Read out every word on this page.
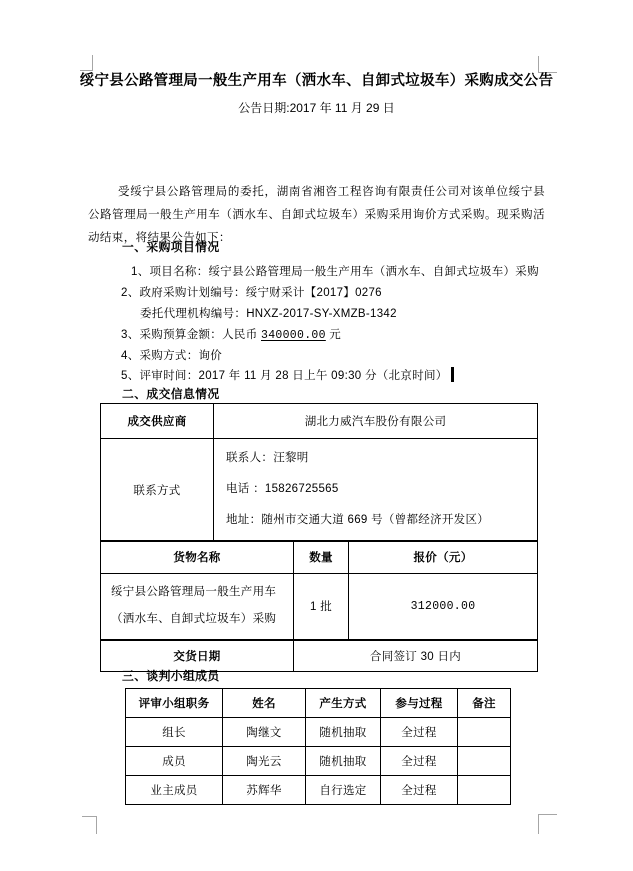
绥宁县公路管理局一般生产用车（洒水车、自卸式垃圾车）采购成交公告
公告日期:2017 年 11 月 29 日
受绥宁县公路管理局的委托，湖南省湘咨工程咨询有限责任公司对该单位绥宁县公路管理局一般生产用车（洒水车、自卸式垃圾车）采购采用询价方式采购。现采购活动结束，将结果公告如下：
一、采购项目情况
1、项目名称：绥宁县公路管理局一般生产用车（洒水车、自卸式垃圾车）采购
2、政府采购计划编号：绥宁财采计【2017】0276
委托代理机构编号：HNXZ-2017-SY-XMZB-1342
3、采购预算金额：人民币 340000.00 元
4、采购方式：询价
5、评审时间：2017 年 11 月 28 日上午 09:30 分（北京时间）
二、成交信息情况
成交供应商	湖北力威汽车股份有限公司		
联系方式	联系人：汪黎明
电话 ：15826725565
地址：随州市交通大道 669 号（曾都经济开发区）		

货物名称		数量	报价（元）
绥宁县公路管理局一般生产用车（洒水车、自卸式垃圾车）采购		1 批	312000.00
交货日期		合同签订 30 日内	
三、谈判小组成员
评审小组职务	姓名	产生方式	参与过程	备注
组长	陶继文	随机抽取	全过程	
成员	陶光云	随机抽取	全过程	
业主成员	苏辉华	自行选定	全过程	
